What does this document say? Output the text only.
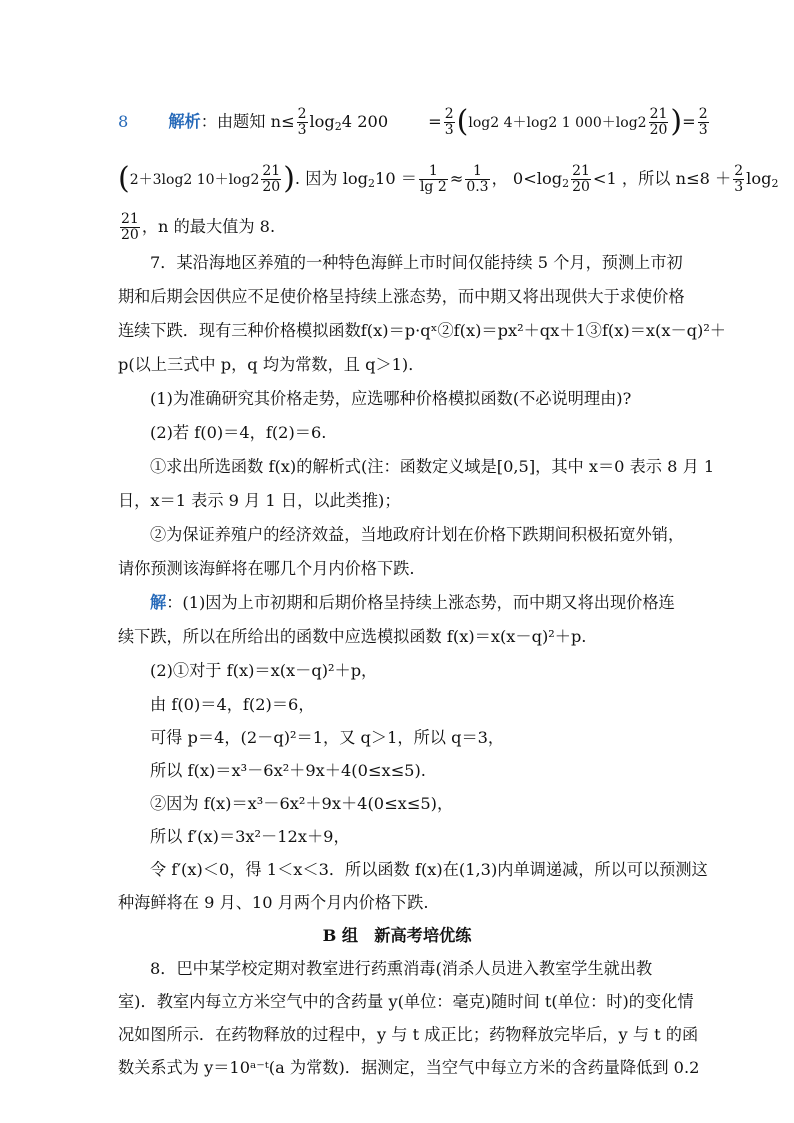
8 解析：由题知 $n\le \frac{2}{3} \log_24$ $200 = \frac{2}{3} (\log 2$ 4＋log2 1 $000+\log 2 \frac{21}{20}$ )= $\frac{2}{3}$
(2＋3log2 $10+\log 2 \frac{21}{20}$ ). 因为 $\log_210 = \frac{1}{\lg 2} \approx \frac{1}{0.3}$ ， $0<\log_2 \frac{21}{20} <1$ ，所以 $n\le 8 + \frac{2}{3} \log_2$
$\frac{21}{20}$ ，n 的最大值为 8.
7．某沿海地区养殖的一种特色海鲜上市时间仅能持续 5 个月，预测上市初
期和后期会因供应不足使价格呈持续上涨态势，而中期又将出现供大于求使价格
连续下跌．现有三种价格模拟函数f(x)＝p·qˣ②f(x)＝px²＋qx＋1③f(x)＝x(x－q)²＋
p(以上三式中 p，q 均为常数，且 q＞1)．
(1)为准确研究其价格走势，应选哪种价格模拟函数(不必说明理由)?
(2)若 f(0)＝4，f(2)＝6.
①求出所选函数 f(x)的解析式(注：函数定义域是[0,5]，其中 x＝0 表示 8 月 1
日，x＝1 表示 9 月 1 日，以此类推)；
②为保证养殖户的经济效益，当地政府计划在价格下跌期间积极拓宽外销，
请你预测该海鲜将在哪几个月内价格下跌.
解：(1)因为上市初期和后期价格呈持续上涨态势，而中期又将出现价格连
续下跌，所以在所给出的函数中应选模拟函数 f(x)＝x(x－q)²＋p.
(2)①对于 f(x)＝x(x－q)²＋p，
由 f(0)＝4，f(2)＝6，
可得 p＝4，(2－q)²＝1，又 q＞1，所以 q＝3，
所以 f(x)＝x³－6x²＋9x＋4(0≤x≤5).
②因为 f(x)＝x³－6x²＋9x＋4(0≤x≤5)，
所以 f′(x)＝3x²－12x＋9，
令 f′(x)＜0，得 1＜x＜3．所以函数 f(x)在(1,3)内单调递减，所以可以预测这
种海鲜将在 9 月、10 月两个月内价格下跌.
B 组　新高考培优练
8．巴中某学校定期对教室进行药熏消毒(消杀人员进入教室学生就出教
室)．教室内每立方米空气中的含药量 y(单位：毫克)随时间 t(单位：时)的变化情
况如图所示．在药物释放的过程中，y 与 t 成正比；药物释放完毕后，y 与 t 的函
数关系式为 y＝10ᵃ⁻ᵗ(a 为常数)．据测定，当空气中每立方米的含药量降低到 0.2
